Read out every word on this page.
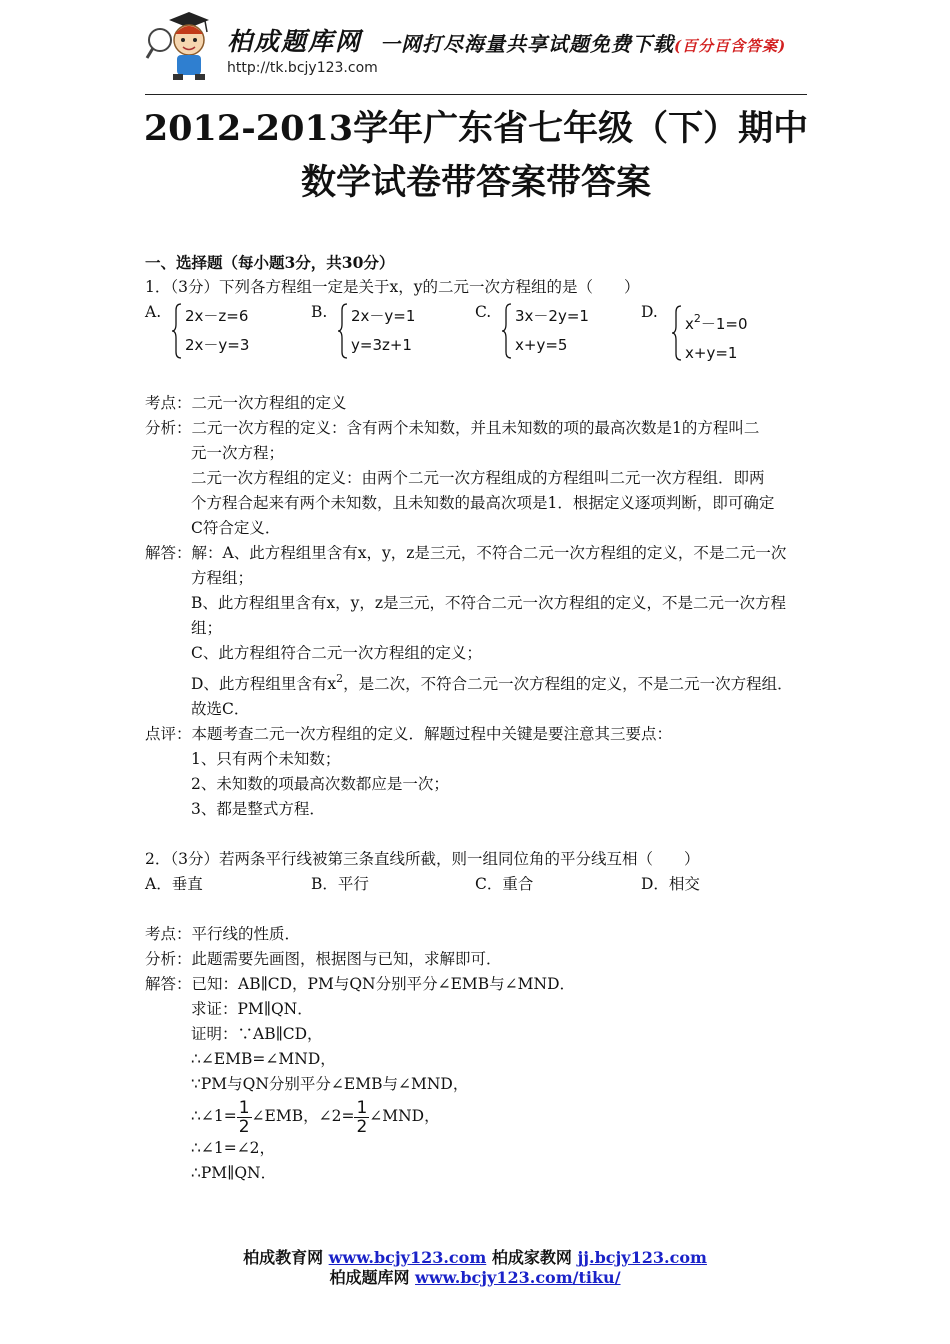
柏成题库网 一网打尽海量共享试题免费下载(百分百含答案)
http://tk.bcjy123.com
2012-2013学年广东省七年级（下）期中
数学试卷带答案带答案
一、选择题（每小题3分，共30分）
1．（3分）下列各方程组一定是关于x，y的二元一次方程组的是（　　）
A.	2x－z=6
2x－y=3
B.	2x－y=1
y=3z+1
C.	3x－2y=1
x+y=5
D.
$x^2-1=0$
x+y=1
考点：二元一次方程组的定义
分析：二元一次方程的定义：含有两个未知数，并且未知数的项的最高次数是1的方程叫二
元一次方程；
二元一次方程组的定义：由两个二元一次方程组成的方程组叫二元一次方程组．即两
个方程合起来有两个未知数，且未知数的最高次项是1．根据定义逐项判断，即可确定
C符合定义．
解答：解：A、此方程组里含有x，y，z是三元，不符合二元一次方程组的定义，不是二元一次
方程组；
B、此方程组里含有x，y，z是三元，不符合二元一次方程组的定义，不是二元一次方程
组；
C、此方程组符合二元一次方程组的定义；
D、此方程组里含有$x^2$，是二次，不符合二元一次方程组的定义，不是二元一次方程组．
故选C．
点评：本题考查二元一次方程组的定义．解题过程中关键是要注意其三要点：
1、只有两个未知数；
2、未知数的项最高次数都应是一次；
3、都是整式方程．
2．（3分）若两条平行线被第三条直线所截，则一组同位角的平分线互相（　　）
A．垂直	B．平行	C．重合	D．相交
考点：平行线的性质．
分析：此题需要先画图，根据图与已知，求解即可．
解答：已知：AB∥CD，PM与QN分别平分∠EMB与∠MND．
求证：PM∥QN．
证明：∵AB∥CD，
∴∠EMB=∠MND，
∵PM与QN分别平分∠EMB与∠MND，
∴∠1= $\frac{1}{2}$ ∠EMB，∠2= $\frac{1}{2}$ ∠MND，
∴∠1=∠2，
∴PM∥QN．
柏成教育网 www.bcjy123.com 柏成家教网 jj.bcjy123.com
柏成题库网 www.bcjy123.com/tiku/
